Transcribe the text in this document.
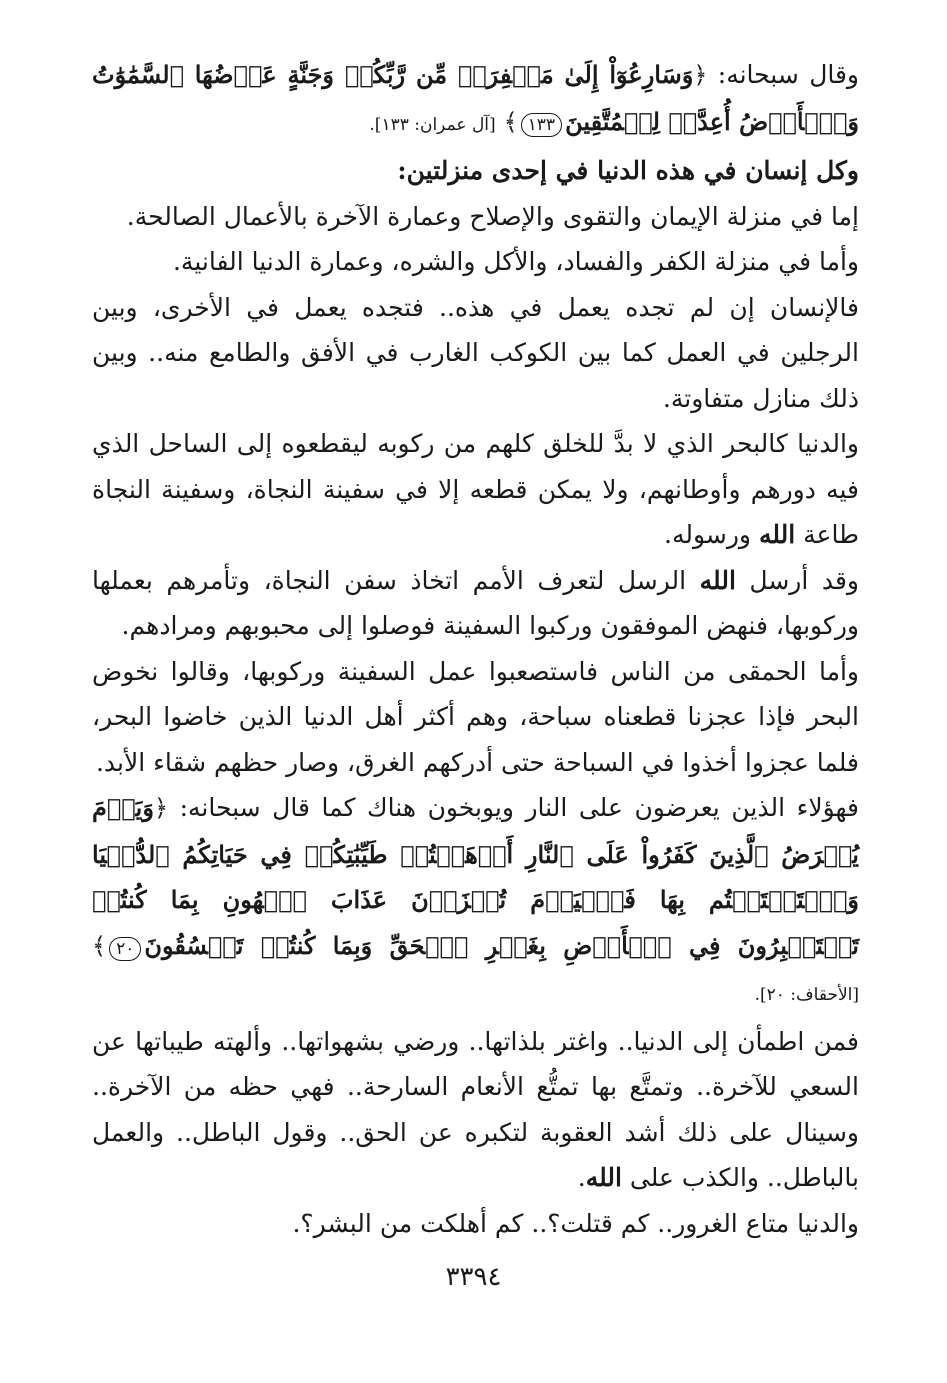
وقال سبحانه: ﴿وَسَارِعُوٓاْ إِلَىٰ مَغۡفِرَةٖ مِّن رَّبِّكُمۡ وَجَنَّةٍ عَرۡضُهَا ٱلسَّمَٰوَٰتُ وَٱلۡأَرۡضُ أُعِدَّتۡ لِلۡمُتَّقِينَ١٣٣﴾ [آل عمران: ١٣٣].

وكل إنسان في هذه الدنيا في إحدى منزلتين:

إما في منزلة الإيمان والتقوى والإصلاح وعمارة الآخرة بالأعمال الصالحة.

وأما في منزلة الكفر والفساد، والأكل والشره، وعمارة الدنيا الفانية.

فالإنسان إن لم تجده يعمل في هذه.. فتجده يعمل في الأخرى، وبين الرجلين في العمل كما بين الكوكب الغارب في الأفق والطامع منه.. وبين ذلك منازل متفاوتة.

والدنيا كالبحر الذي لا بدَّ للخلق كلهم من ركوبه ليقطعوه إلى الساحل الذي فيه دورهم وأوطانهم، ولا يمكن قطعه إلا في سفينة النجاة، وسفينة النجاة طاعة الله ورسوله.

وقد أرسل الله الرسل لتعرف الأمم اتخاذ سفن النجاة، وتأمرهم بعملها وركوبها، فنهض الموفقون وركبوا السفينة فوصلوا إلى محبوبهم ومرادهم.

وأما الحمقى من الناس فاستصعبوا عمل السفينة وركوبها، وقالوا نخوض البحر فإذا عجزنا قطعناه سباحة، وهم أكثر أهل الدنيا الذين خاضوا البحر، فلما عجزوا أخذوا في السباحة حتى أدركهم الغرق، وصار حظهم شقاء الأبد.

فهؤلاء الذين يعرضون على النار ويوبخون هناك كما قال سبحانه: ﴿وَيَوۡمَ يُعۡرَضُ ٱلَّذِينَ كَفَرُواْ عَلَى ٱلنَّارِ أَذۡهَبۡتُمۡ طَيِّبَٰتِكُمۡ فِي حَيَاتِكُمُ ٱلدُّنۡيَا وَٱسۡتَمۡتَعۡتُم بِهَا فَٱلۡيَوۡمَ تُجۡزَوۡنَ عَذَابَ ٱلۡهُونِ بِمَا كُنتُمۡ تَسۡتَكۡبِرُونَ فِي ٱلۡأَرۡضِ بِغَيۡرِ ٱلۡحَقِّ وَبِمَا كُنتُمۡ تَفۡسُقُونَ٢٠﴾ [الأحقاف: ٢٠].

فمن اطمأن إلى الدنيا.. واغتر بلذاتها.. ورضي بشهواتها.. وألهته طيباتها عن السعي للآخرة.. وتمتَّع بها تمتُّع الأنعام السارحة.. فهي حظه من الآخرة.. وسينال على ذلك أشد العقوبة لتكبره عن الحق.. وقول الباطل.. والعمل بالباطل.. والكذب على الله.

والدنيا متاع الغرور.. كم قتلت؟.. كم أهلكت من البشر؟.

٣٣٩٤
